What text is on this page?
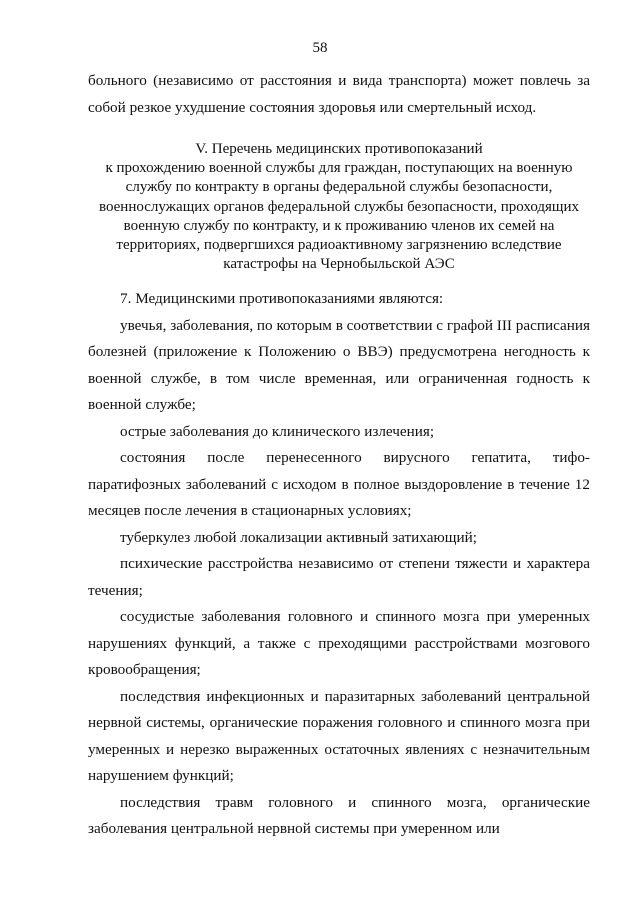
58

больного (независимо от расстояния и вида транспорта) может повлечь за собой резкое ухудшение состояния здоровья или смертельный исход.

V. Перечень медицинских противопоказаний
к прохождению военной службы для граждан, поступающих на военную
службу по контракту в органы федеральной службы безопасности,
военнослужащих органов федеральной службы безопасности, проходящих
военную службу по контракту, и к проживанию членов их семей на
территориях, подвергшихся радиоактивному загрязнению вследствие
катастрофы на Чернобыльской АЭС

7. Медицинскими противопоказаниями являются:

увечья, заболевания, по которым в соответствии с графой III расписания болезней (приложение к Положению о ВВЭ) предусмотрена негодность к военной службе, в том числе временная, или ограниченная годность к военной службе;

острые заболевания до клинического излечения;

состояния после перенесенного вирусного гепатита, тифо-паратифозных заболеваний с исходом в полное выздоровление в течение 12 месяцев после лечения в стационарных условиях;

туберкулез любой локализации активный затихающий;

психические расстройства независимо от степени тяжести и характера течения;

сосудистые заболевания головного и спинного мозга при умеренных нарушениях функций, а также с преходящими расстройствами мозгового кровообращения;

последствия инфекционных и паразитарных заболеваний центральной нервной системы, органические поражения головного и спинного мозга при умеренных и нерезко выраженных остаточных явлениях с незначительным нарушением функций;

последствия травм головного и спинного мозга, органические заболевания центральной нервной системы при умеренном или
